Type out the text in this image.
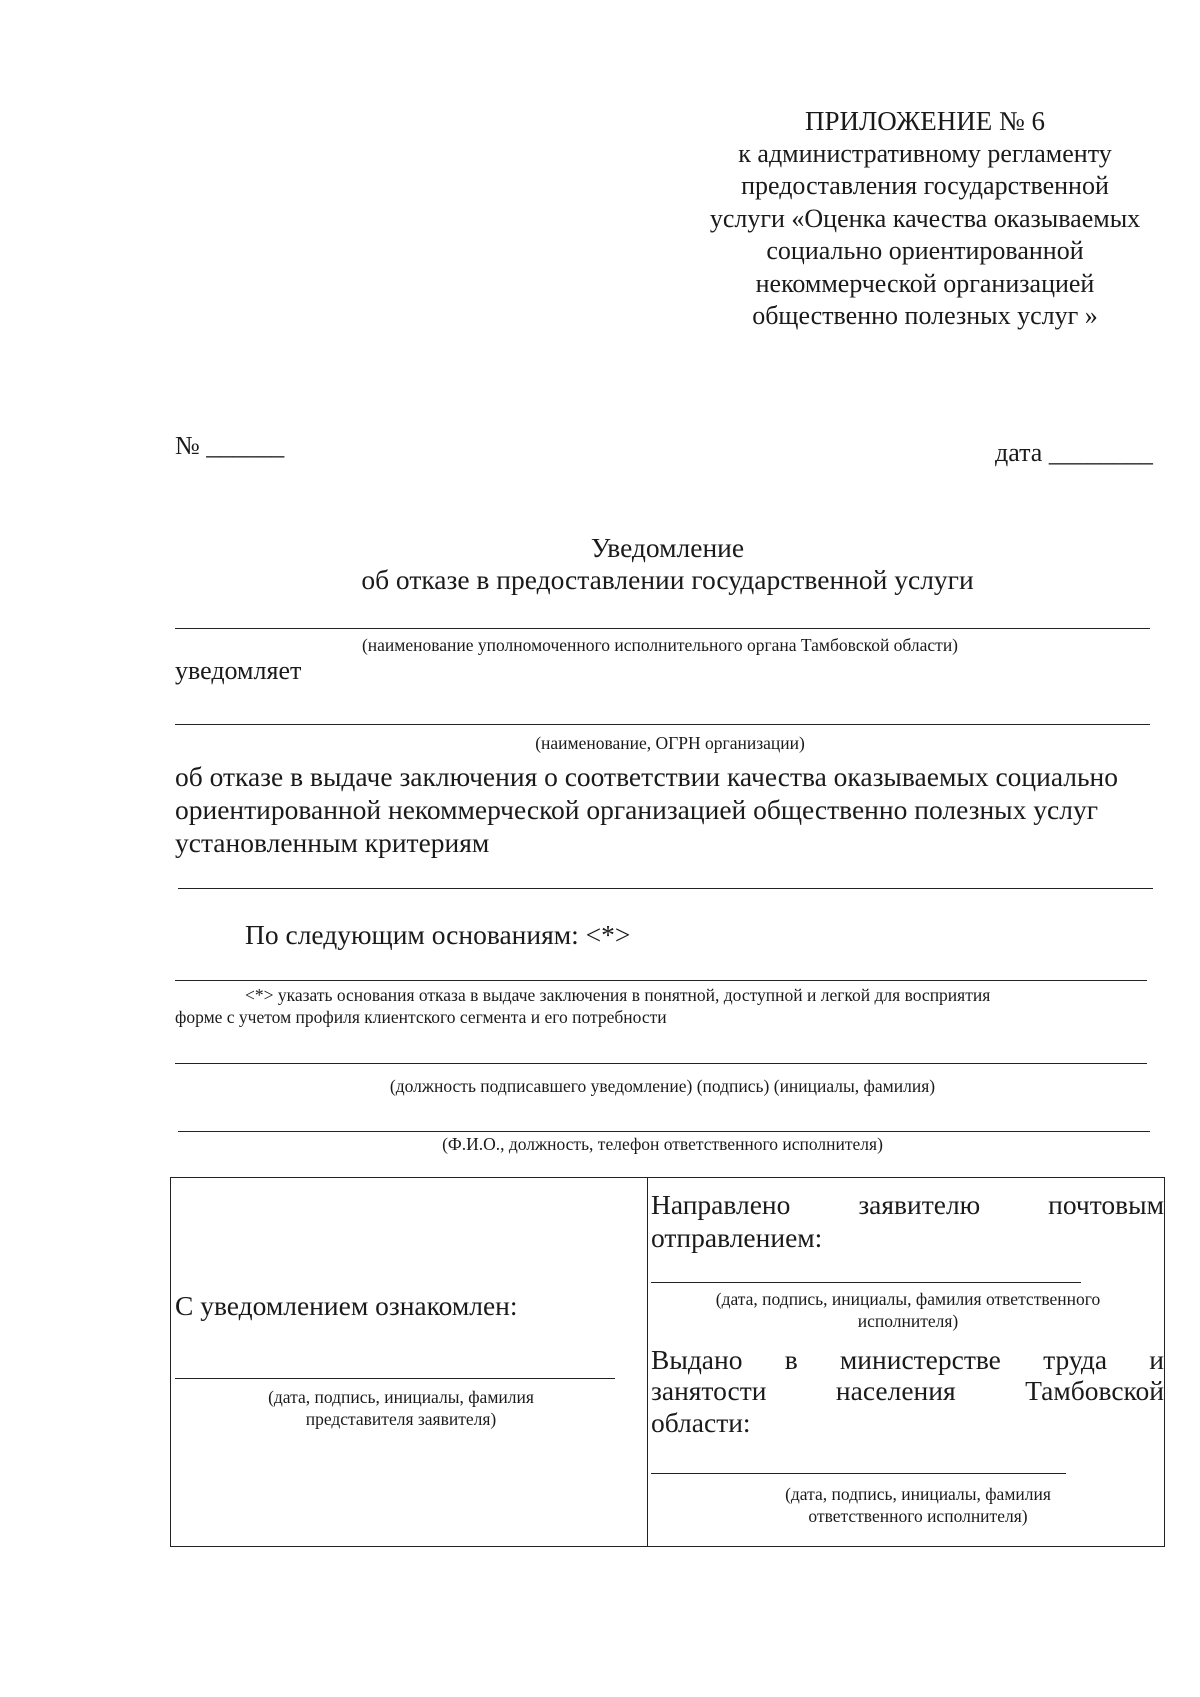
ПРИЛОЖЕНИЕ № 6
к административному регламенту
предоставления государственной
услуги «Оценка качества оказываемых
социально ориентированной
некоммерческой организацией
общественно полезных услуг »
№ ______	дата ________
Уведомление
об отказе в предоставлении государственной услуги
(наименование уполномоченного исполнительного органа Тамбовской области)
уведомляет
(наименование, ОГРН организации)
об отказе в выдаче заключения о соответствии качества оказываемых социально
ориентированной некоммерческой организацией общественно полезных услуг
установленным критериям
По следующим основаниям: <*>
<*> указать основания отказа в выдаче заключения в понятной, доступной и легкой для восприятия
форме с учетом профиля клиентского сегмента и его потребности
(должность подписавшего уведомление) (подпись) (инициалы, фамилия)
(Ф.И.О., должность, телефон ответственного исполнителя)
С уведомлением ознакомлен:
(дата, подпись, инициалы, фамилия
представителя заявителя)

Направлено заявителю почтовым
отправлением:
(дата, подпись, инициалы, фамилия ответственного
исполнителя)

Выдано в министерстве труда и
занятости	населения	Тамбовской
области:
(дата, подпись, инициалы, фамилия
ответственного исполнителя)
